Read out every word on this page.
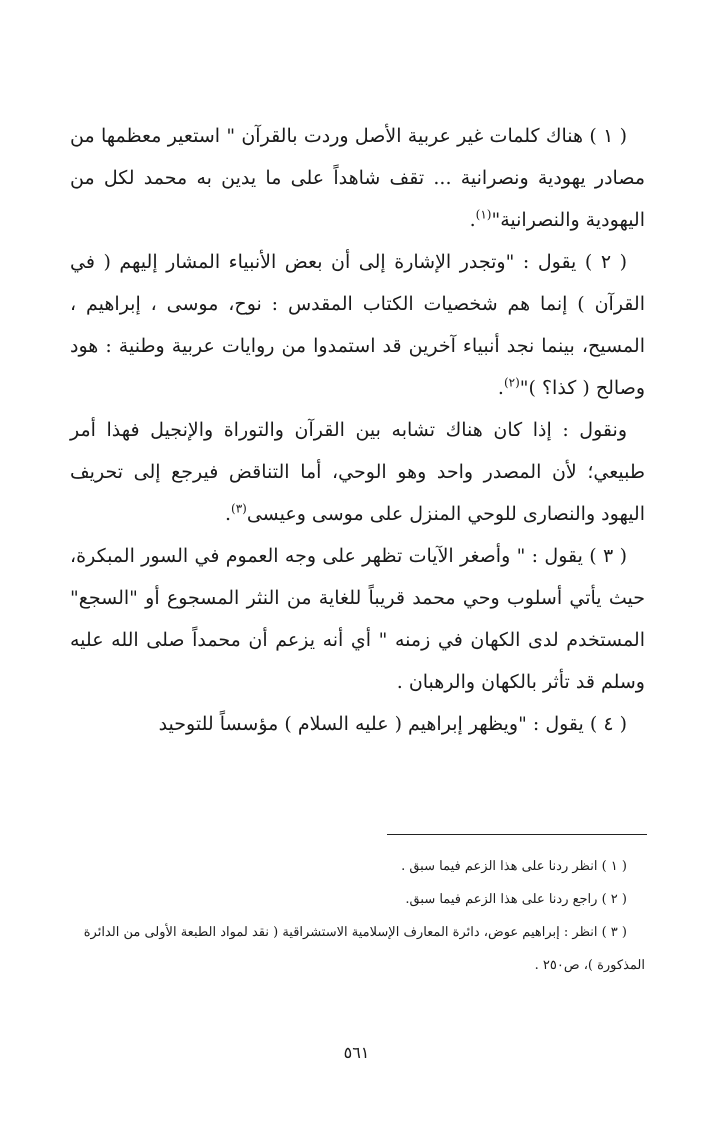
( ١ ) هناك كلمات غير عربية الأصل وردت بالقرآن " استعير معظمها من مصادر يهودية ونصرانية ... تقف شاهداً على ما يدين به محمد لكل من اليهودية والنصرانية"$^{(١)}$.

( ٢ ) يقول : "وتجدر الإشارة إلى أن بعض الأنبياء المشار إليهم ( في القرآن ) إنما هم شخصيات الكتاب المقدس : نوح، موسى ، إبراهيم ، المسيح، بينما نجد أنبياء آخرين قد استمدوا من روايات عربية وطنية : هود وصالح ( كذا؟ )"$^{(٢)}$.

ونقول : إذا كان هناك تشابه بين القرآن والتوراة والإنجيل فهذا أمر طبيعي؛ لأن المصدر واحد وهو الوحي، أما التناقض فيرجع إلى تحريف اليهود والنصارى للوحي المنزل على موسى وعيسى$^{(٣)}$.

( ٣ ) يقول : " وأصغر الآيات تظهر على وجه العموم في السور المبكرة، حيث يأتي أسلوب وحي محمد قريباً للغاية من النثر المسجوع أو "السجع" المستخدم لدى الكهان في زمنه " أي أنه يزعم أن محمداً صلى الله عليه وسلم قد تأثر بالكهان والرهبان .

( ٤ ) يقول : "ويظهر إبراهيم ( عليه السلام ) مؤسساً للتوحيد

( ١ ) انظر ردنا على هذا الزعم فيما سبق .

( ٢ ) راجع ردنا على هذا الزعم فيما سبق.

( ٣ ) انظر : إبراهيم عوض، دائرة المعارف الإسلامية الاستشراقية ( نقد لمواد الطبعة الأولى من الدائرة المذكورة )، ص٢٥٠ .

٥٦١
